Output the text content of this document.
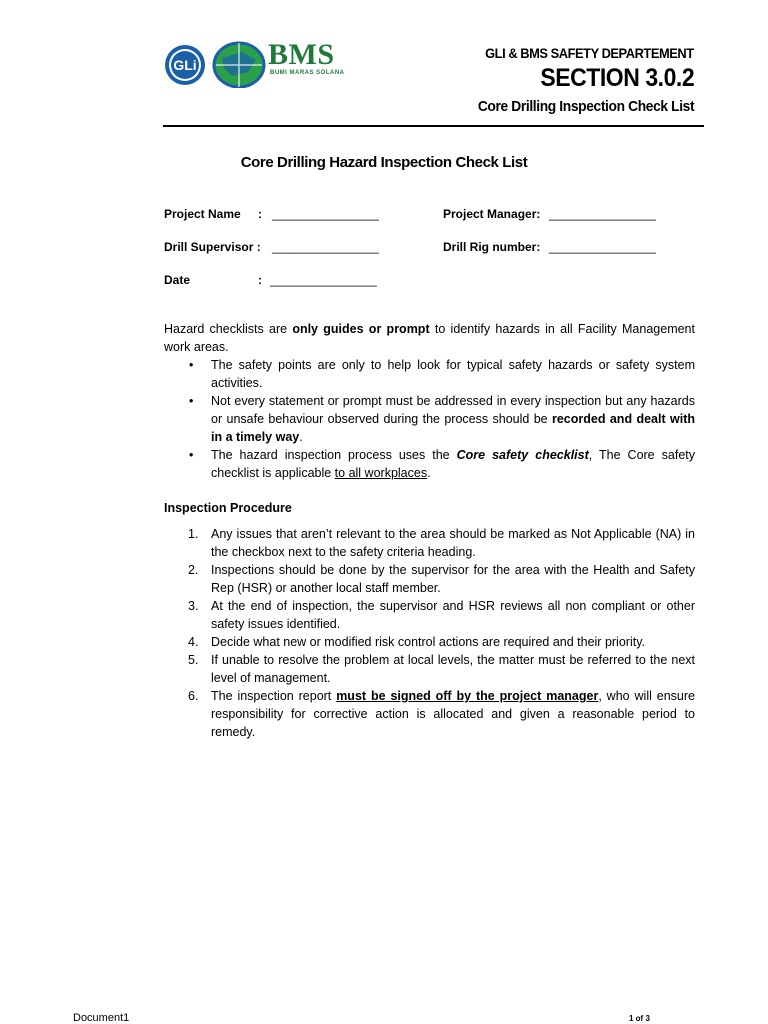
GLi BMS
BUMI MARAS SOLANA
GLI & BMS SAFETY DEPARTEMENT
SECTION 3.0.2
Core Drilling Inspection Check List
Core Drilling Hazard Inspection Check List
Project Name : ________________	Project Manager: ________________
Drill Supervisor : ________________	Drill Rig number: ________________
Date	: ________________
Hazard checklists are only guides or prompt to identify hazards in all Facility Management work areas.
• The safety points are only to help look for typical safety hazards or safety system activities.
• Not every statement or prompt must be addressed in every inspection but any hazards or unsafe behaviour observed during the process should be recorded and dealt with in a timely way.
• The hazard inspection process uses the Core safety checklist, The Core safety checklist is applicable to all workplaces.
Inspection Procedure
1. Any issues that aren’t relevant to the area should be marked as Not Applicable (NA) in the checkbox next to the safety criteria heading.
2. Inspections should be done by the supervisor for the area with the Health and Safety Rep (HSR) or another local staff member.
3. At the end of inspection, the supervisor and HSR reviews all non compliant or other safety issues identified.
4. Decide what new or modified risk control actions are required and their priority.
5. If unable to resolve the problem at local levels, the matter must be referred to the next level of management.
6. The inspection report must be signed off by the project manager, who will ensure responsibility for corrective action is allocated and given a reasonable period to remedy.
Document1	1 of 3
